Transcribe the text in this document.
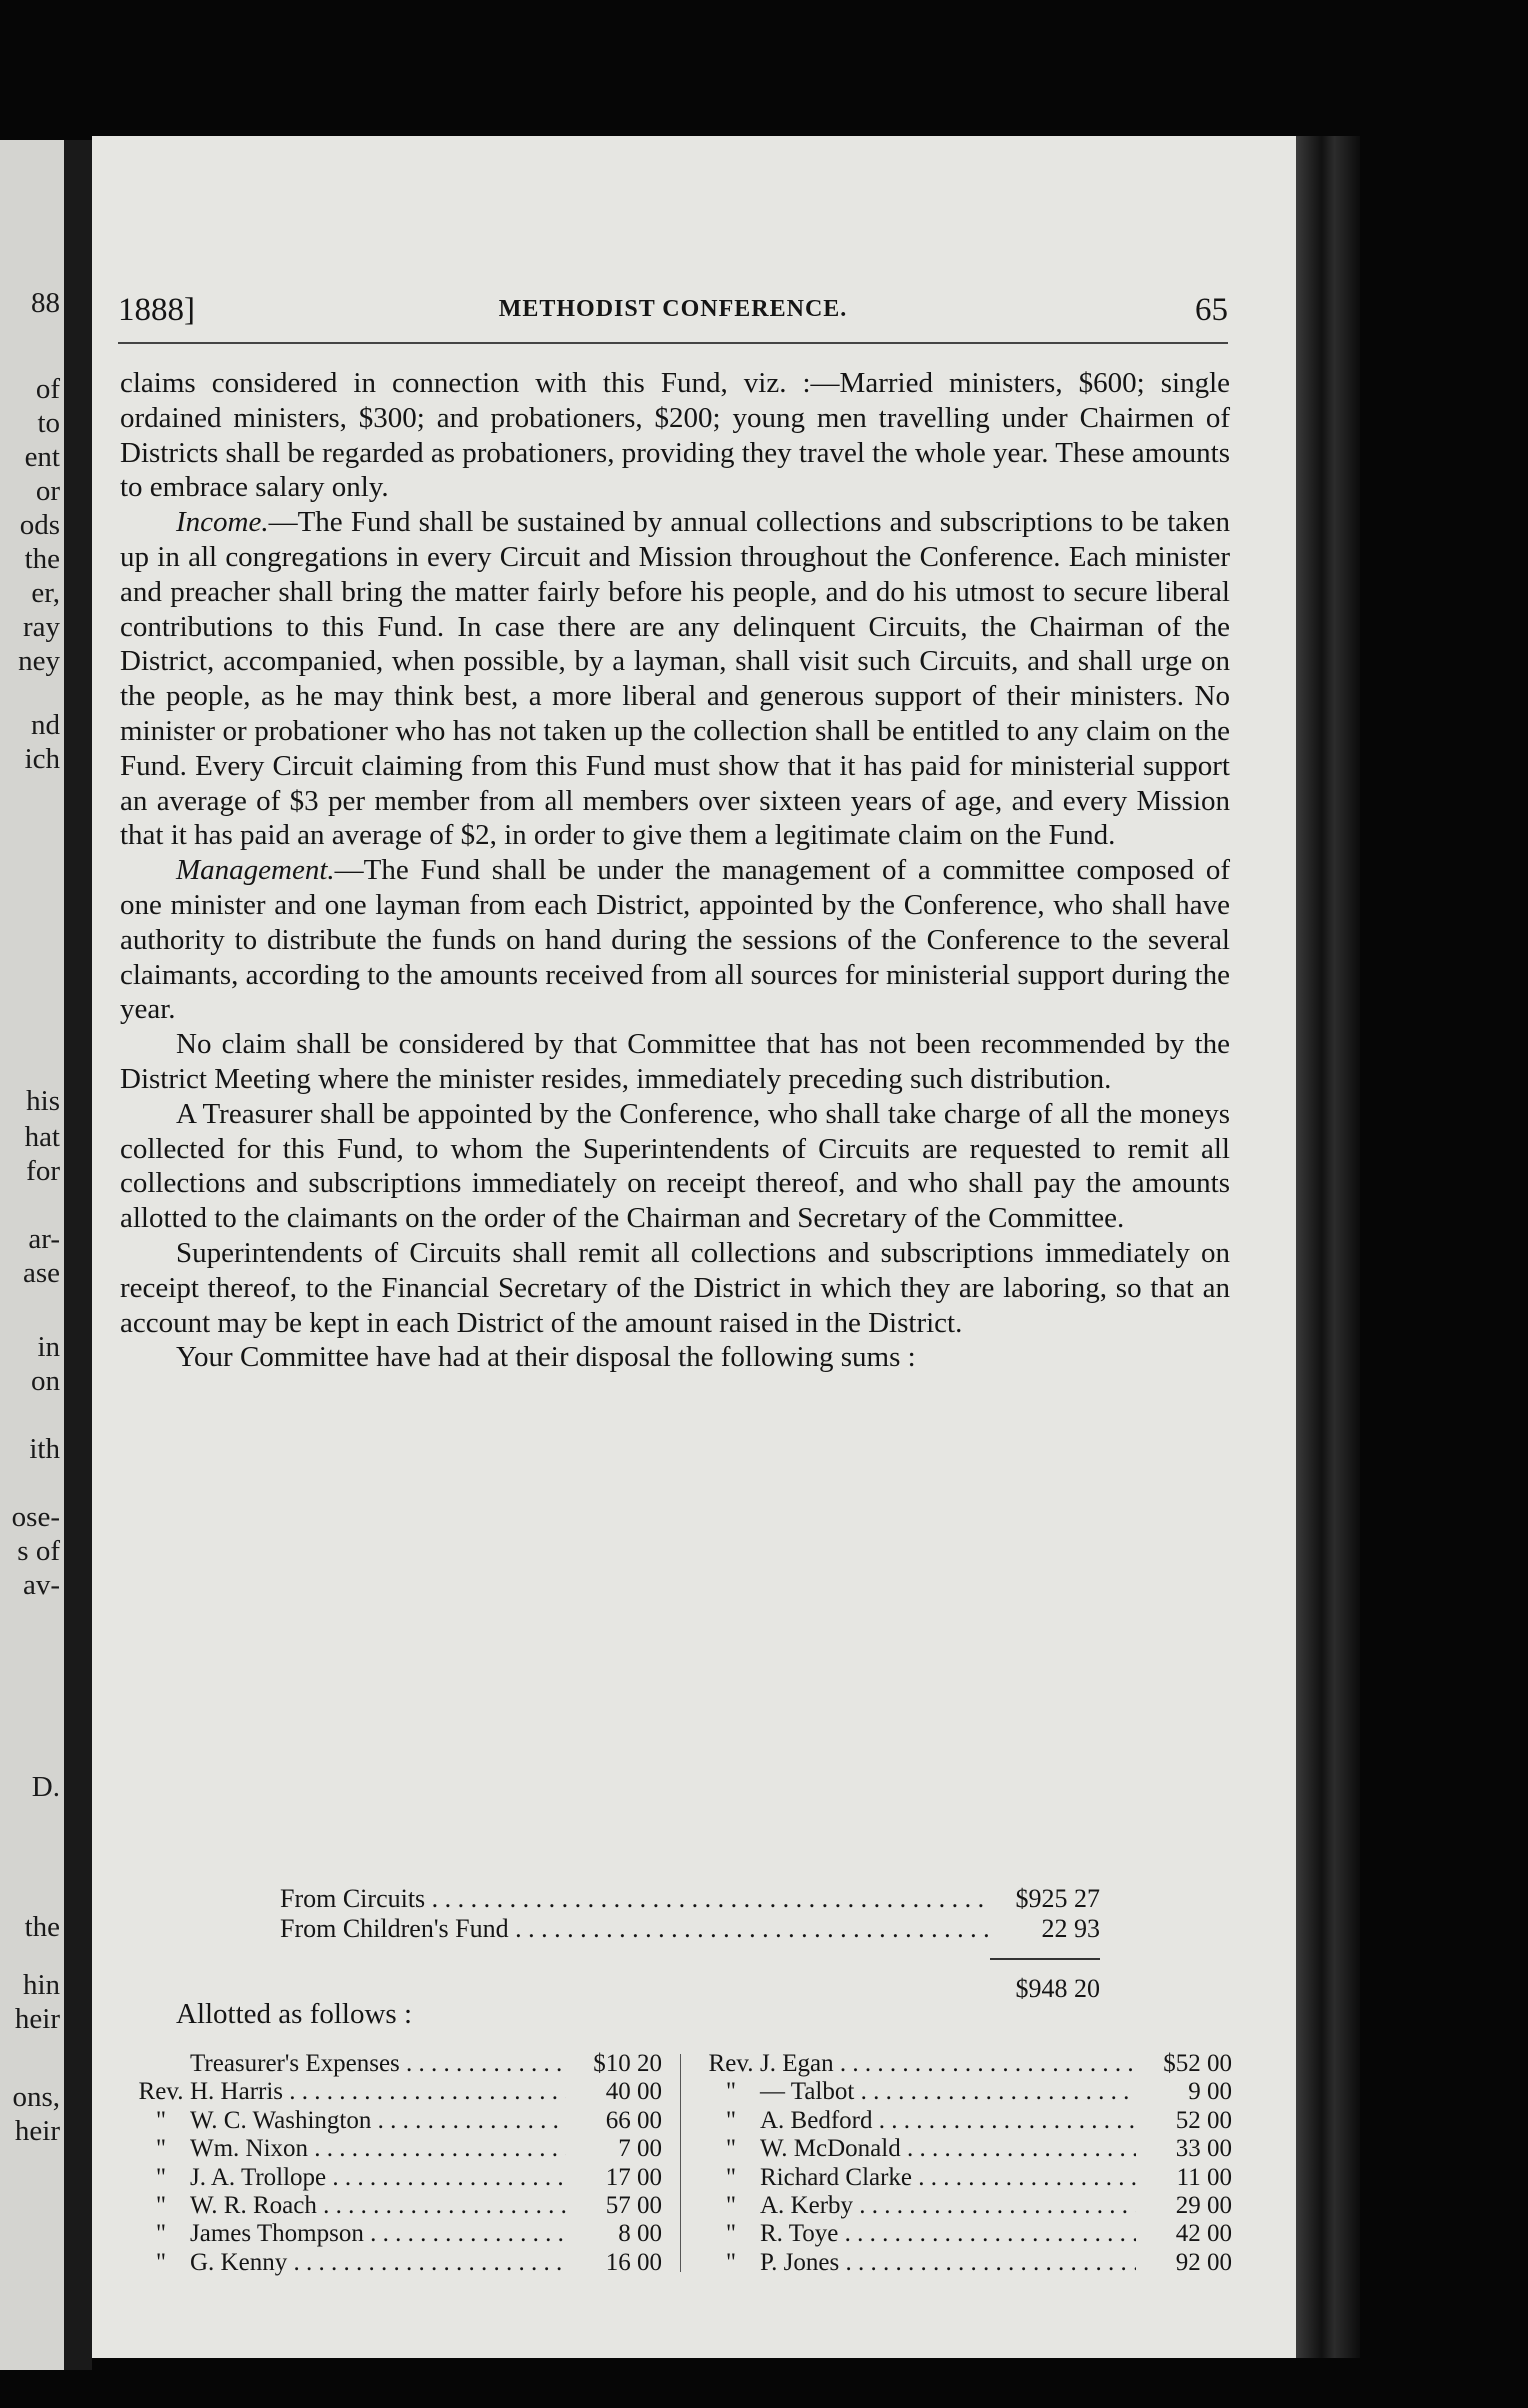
88
of
to
ent
or
ods
the
er,
ray
ney
nd
ich
his
hat
for
ar-
ase
in
on
ith
ose-
s of
av-
D.
the
hin
heir
ons,
heir
1888]	METHODIST CONFERENCE.	65

claims considered in connection with this Fund, viz. :—Married ministers, $600; single ordained ministers, $300; and probationers, $200; young men travelling under Chairmen of Districts shall be regarded as probationers, providing they travel the whole year. These amounts to embrace salary only.

Income.—The Fund shall be sustained by annual collections and subscriptions to be taken up in all congregations in every Circuit and Mission throughout the Conference. Each minister and preacher shall bring the matter fairly before his people, and do his utmost to secure liberal contributions to this Fund. In case there are any delinquent Circuits, the Chairman of the District, accompanied, when possible, by a layman, shall visit such Circuits, and shall urge on the people, as he may think best, a more liberal and generous support of their ministers. No minister or probationer who has not taken up the collection shall be entitled to any claim on the Fund. Every Circuit claiming from this Fund must show that it has paid for ministerial support an average of $3 per member from all members over sixteen years of age, and every Mission that it has paid an average of $2, in order to give them a legitimate claim on the Fund.

Management.—The Fund shall be under the management of a committee composed of one minister and one layman from each District, appointed by the Conference, who shall have authority to distribute the funds on hand during the sessions of the Conference to the several claimants, according to the amounts received from all sources for ministerial support during the year.

No claim shall be considered by that Committee that has not been recommended by the District Meeting where the minister resides, immediately preceding such distribution.

A Treasurer shall be appointed by the Conference, who shall take charge of all the moneys collected for this Fund, to whom the Superintendents of Circuits are requested to remit all collections and subscriptions immediately on receipt thereof, and who shall pay the amounts allotted to the claimants on the order of the Chairman and Secretary of the Committee.

Superintendents of Circuits shall remit all collections and subscriptions immediately on receipt thereof, to the Financial Secretary of the District in which they are laboring, so that an account may be kept in each District of the amount raised in the District.

Your Committee have had at their disposal the following sums :

From Circuits . . .	$925 27
From Children's Fund . . .	22 93
$948 20
Allotted as follows :
Treasurer's Expenses . . .	$10 20
Rev. H. Harris . . .	40 00
" W. C. Washington . . .	66 00
" Wm. Nixon . . .	7 00
" J. A. Trollope . . .	17 00
" W. R. Roach . . .	57 00
" James Thompson . . .	8 00
" G. Kenny . . .	16 00
Rev. J. Egan . . .	$52 00
" — Talbot . . .	9 00
" A. Bedford . . .	52 00
" W. McDonald . . .	33 00
" Richard Clarke . . .	11 00
" A. Kerby . . .	29 00
" R. Toye . . .	42 00
" P. Jones . . .	92 00
